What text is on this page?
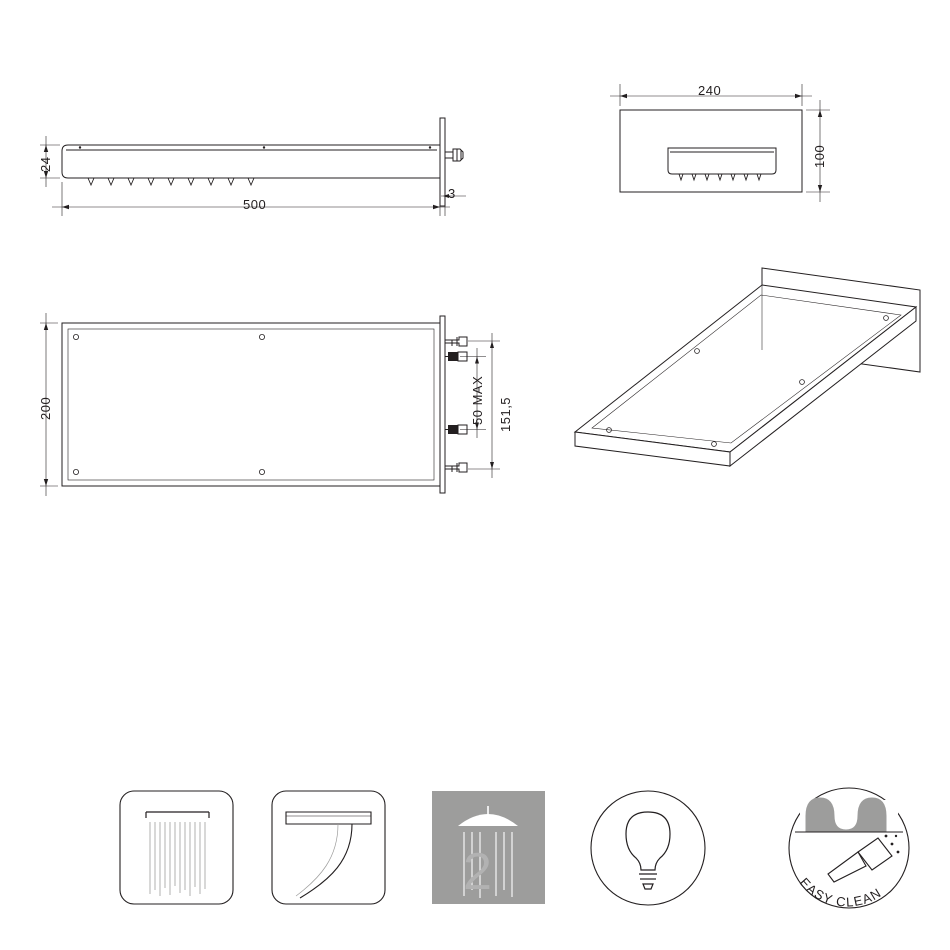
24
500
3
240
100
200	50 MAX 151,5
2	EASY CLEAN
